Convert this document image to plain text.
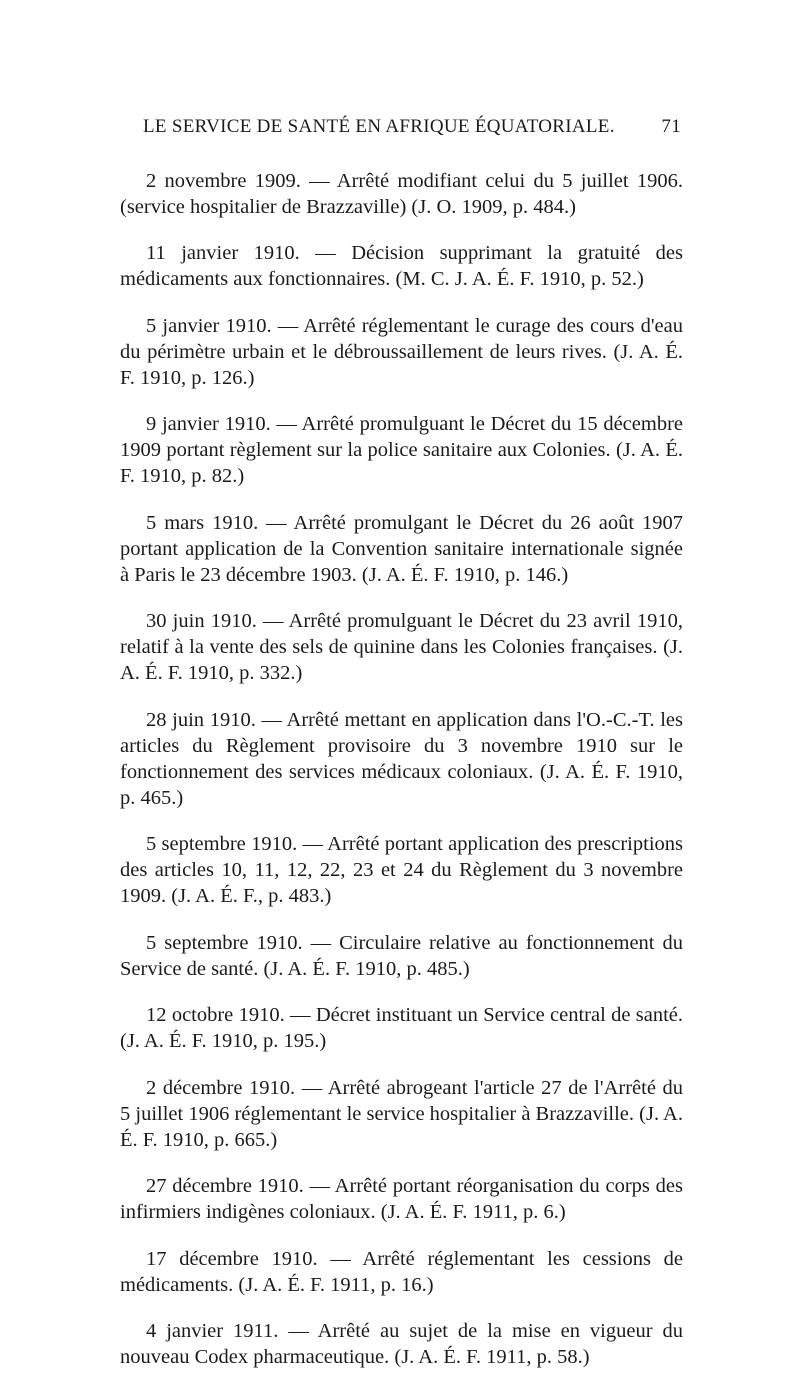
LE SERVICE DE SANTÉ EN AFRIQUE ÉQUATORIALE. 71

2 novembre 1909. — Arrêté modifiant celui du 5 juillet 1906. (service hospitalier de Brazzaville) (J. O. 1909, p. 484.)

11 janvier 1910. — Décision supprimant la gratuité des médicaments aux fonctionnaires. (M. C. J. A. É. F. 1910, p. 52.)

5 janvier 1910. — Arrêté réglementant le curage des cours d'eau du périmètre urbain et le débroussaillement de leurs rives. (J. A. É. F. 1910, p. 126.)

9 janvier 1910. — Arrêté promulguant le Décret du 15 décembre 1909 portant règlement sur la police sanitaire aux Colonies. (J. A. É. F. 1910, p. 82.)

5 mars 1910. — Arrêté promulgant le Décret du 26 août 1907 portant application de la Convention sanitaire internationale signée à Paris le 23 décembre 1903. (J. A. É. F. 1910, p. 146.)

30 juin 1910. — Arrêté promulguant le Décret du 23 avril 1910, relatif à la vente des sels de quinine dans les Colonies françaises. (J. A. É. F. 1910, p. 332.)

28 juin 1910. — Arrêté mettant en application dans l'O.-C.-T. les articles du Règlement provisoire du 3 novembre 1910 sur le fonctionnement des services médicaux coloniaux. (J. A. É. F. 1910, p. 465.)

5 septembre 1910. — Arrêté portant application des prescriptions des articles 10, 11, 12, 22, 23 et 24 du Règlement du 3 novembre 1909. (J. A. É. F., p. 483.)

5 septembre 1910. — Circulaire relative au fonctionnement du Service de santé. (J. A. É. F. 1910, p. 485.)

12 octobre 1910. — Décret instituant un Service central de santé. (J. A. É. F. 1910, p. 195.)

2 décembre 1910. — Arrêté abrogeant l'article 27 de l'Arrêté du 5 juillet 1906 réglementant le service hospitalier à Brazzaville. (J. A. É. F. 1910, p. 665.)

27 décembre 1910. — Arrêté portant réorganisation du corps des infirmiers indigènes coloniaux. (J. A. É. F. 1911, p. 6.)

17 décembre 1910. — Arrêté réglementant les cessions de médicaments. (J. A. É. F. 1911, p. 16.)

4 janvier 1911. — Arrêté au sujet de la mise en vigueur du nouveau Codex pharmaceutique. (J. A. É. F. 1911, p. 58.)
